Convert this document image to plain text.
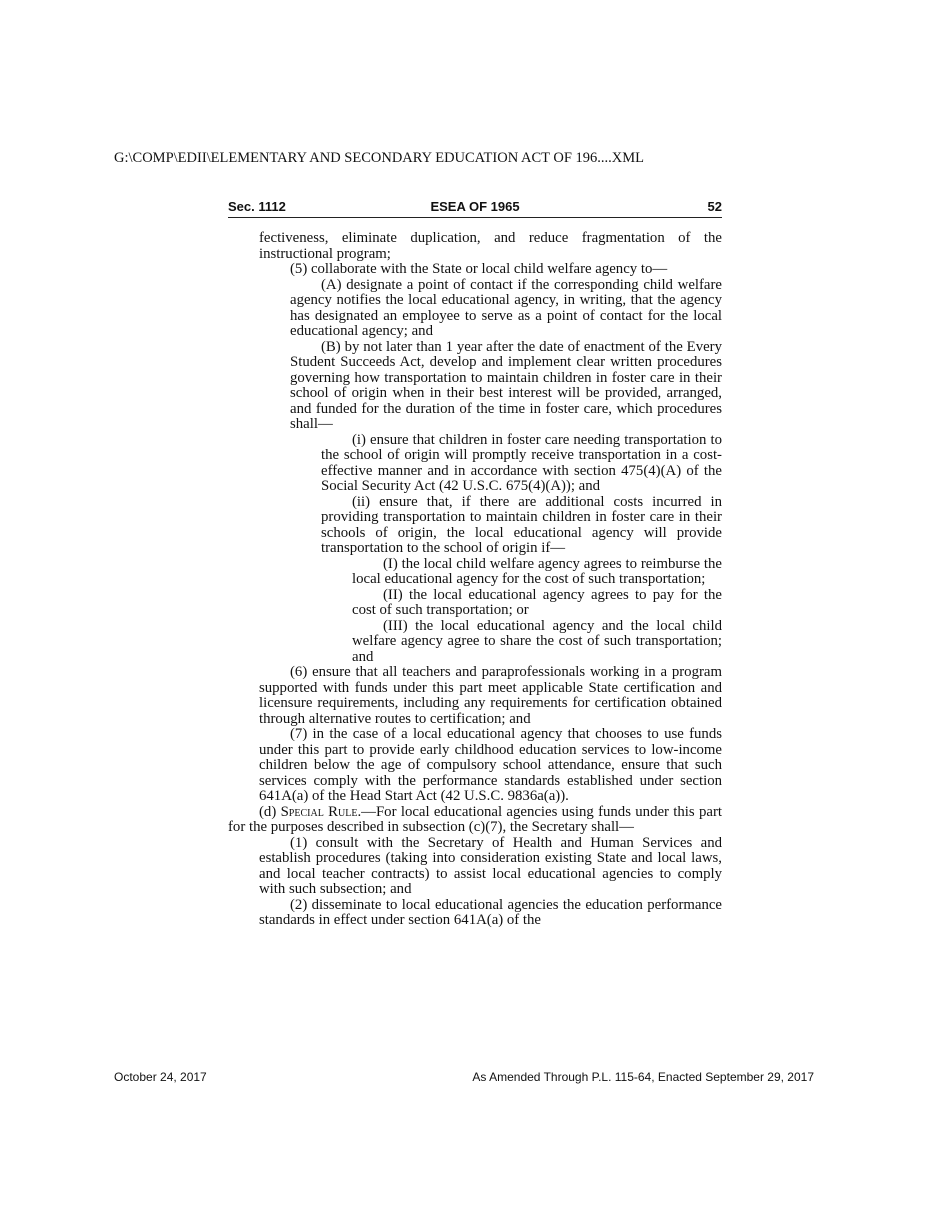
G:\COMP\EDII\ELEMENTARY AND SECONDARY EDUCATION ACT OF 196....XML
Sec. 1112	ESEA OF 1965	52

fectiveness, eliminate duplication, and reduce fragmentation of the instructional program;

(5) collaborate with the State or local child welfare agency to—

(A) designate a point of contact if the corresponding child welfare agency notifies the local educational agency, in writing, that the agency has designated an employee to serve as a point of contact for the local educational agency; and

(B) by not later than 1 year after the date of enactment of the Every Student Succeeds Act, develop and implement clear written procedures governing how transportation to maintain children in foster care in their school of origin when in their best interest will be provided, arranged, and funded for the duration of the time in foster care, which procedures shall—

(i) ensure that children in foster care needing transportation to the school of origin will promptly receive transportation in a cost-effective manner and in accordance with section 475(4)(A) of the Social Security Act (42 U.S.C. 675(4)(A)); and

(ii) ensure that, if there are additional costs incurred in providing transportation to maintain children in foster care in their schools of origin, the local educational agency will provide transportation to the school of origin if—

(I) the local child welfare agency agrees to reimburse the local educational agency for the cost of such transportation;

(II) the local educational agency agrees to pay for the cost of such transportation; or

(III) the local educational agency and the local child welfare agency agree to share the cost of such transportation; and

(6) ensure that all teachers and paraprofessionals working in a program supported with funds under this part meet applicable State certification and licensure requirements, including any requirements for certification obtained through alternative routes to certification; and

(7) in the case of a local educational agency that chooses to use funds under this part to provide early childhood education services to low-income children below the age of compulsory school attendance, ensure that such services comply with the performance standards established under section 641A(a) of the Head Start Act (42 U.S.C. 9836a(a)).

(d) Special Rule.—For local educational agencies using funds under this part for the purposes described in subsection (c)(7), the Secretary shall—

(1) consult with the Secretary of Health and Human Services and establish procedures (taking into consideration existing State and local laws, and local teacher contracts) to assist local educational agencies to comply with such subsection; and

(2) disseminate to local educational agencies the education performance standards in effect under section 641A(a) of the

October 24, 2017	As Amended Through P.L. 115-64, Enacted September 29, 2017
